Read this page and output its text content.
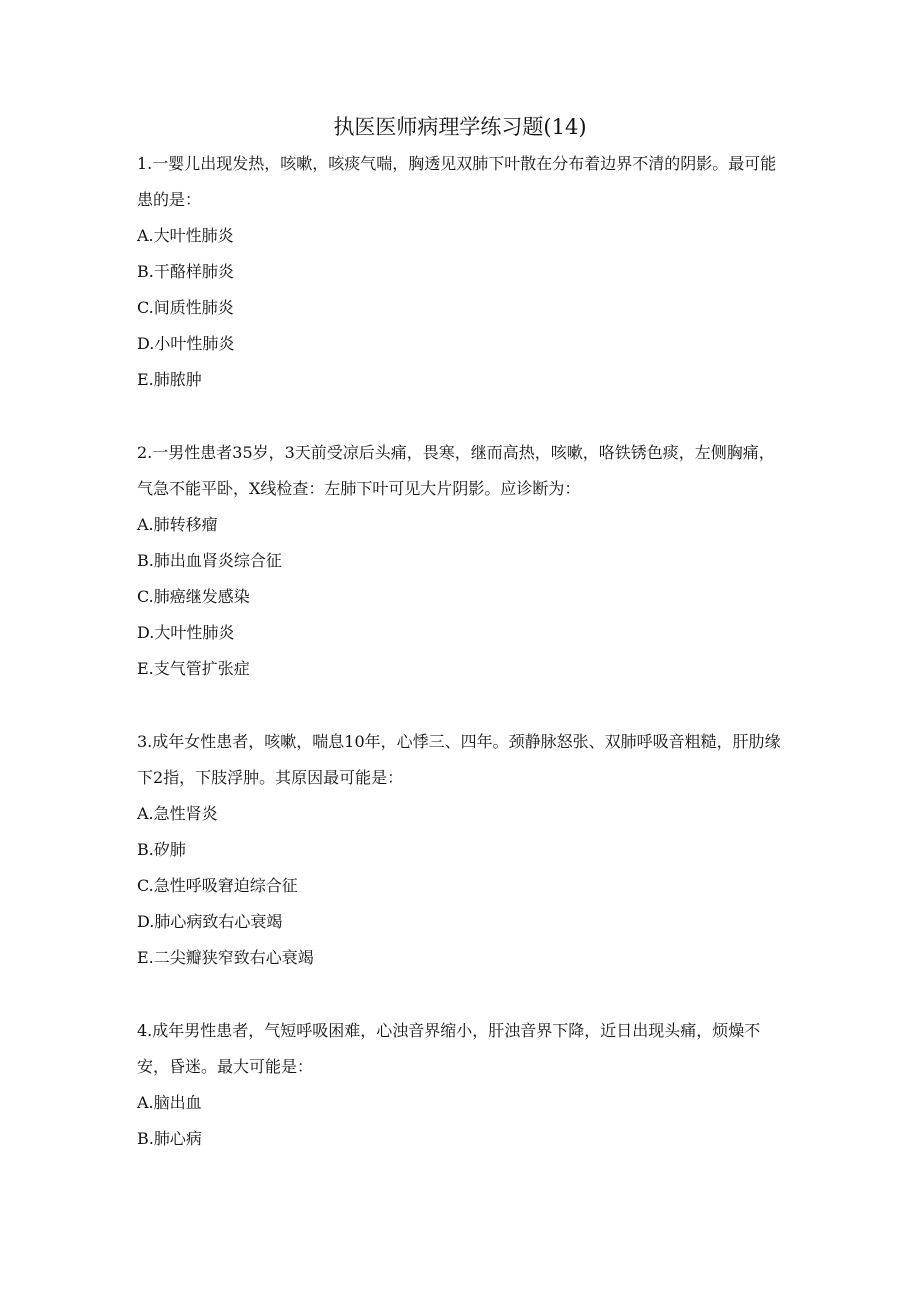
执医医师病理学练习题(14)
1.一婴儿出现发热，咳嗽，咳痰气喘，胸透见双肺下叶散在分布着边界不清的阴影。最可能患的是：
A.大叶性肺炎
B.干酪样肺炎
C.间质性肺炎
D.小叶性肺炎
E.肺脓肿
2.一男性患者35岁，3天前受凉后头痛，畏寒，继而高热，咳嗽，咯铁锈色痰，左侧胸痛，气急不能平卧，X线检查：左肺下叶可见大片阴影。应诊断为：
A.肺转移瘤
B.肺出血肾炎综合征
C.肺癌继发感染
D.大叶性肺炎
E.支气管扩张症
3.成年女性患者，咳嗽，喘息10年，心悸三、四年。颈静脉怒张、双肺呼吸音粗糙，肝肋缘下2指，下肢浮肿。其原因最可能是：
A.急性肾炎
B.矽肺
C.急性呼吸窘迫综合征
D.肺心病致右心衰竭
E.二尖瓣狭窄致右心衰竭
4.成年男性患者，气短呼吸困难，心浊音界缩小，肝浊音界下降，近日出现头痛，烦燥不安，昏迷。最大可能是：
A.脑出血
B.肺心病
